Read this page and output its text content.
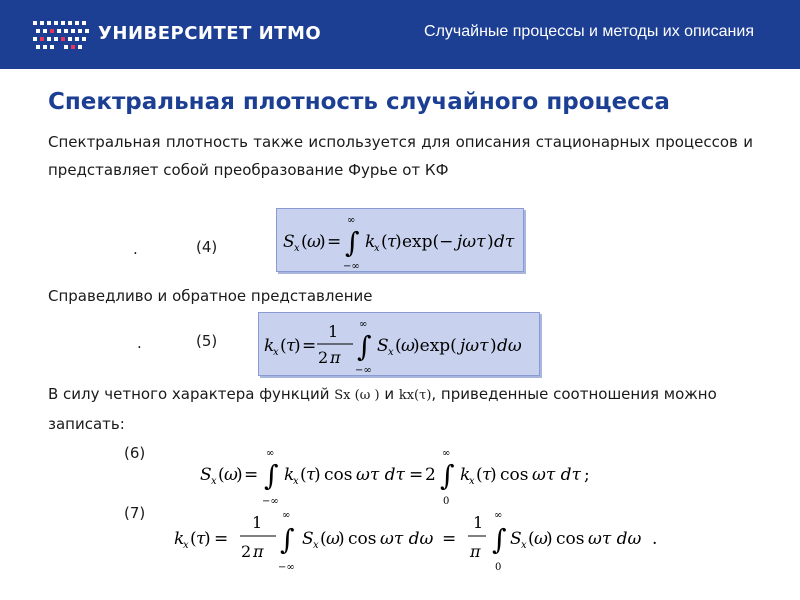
УНИВЕРСИТЕТ ИТМО	Случайные процессы и методы их описания
Спектральная плотность случайного процесса
Спектральная плотность также используется для описания стационарных процессов и представляет собой преобразование Фурье от КФ
.	(4)	S x ( ω
) = ∫
∞
−∞
k
x ( τ
) exp(− jωτ ) dτ
Справедливо и обратное представление
.	(5)	k
x ( τ
) =
1
2 π ∫
∞
−∞
S x ( ω
)exp( jωτ ) dω
В силу четного характера функций Sx (ω ) и kx(τ), приведенные соотношения можно записать:
(6)
S x ( ω
) = ∫
∞
−∞
k
x ( τ
) cos ωτ dτ = 2 ∫
∞
0
k
x ( τ
) cos ωτ dτ ;
(7)
k
x ( τ
) =
1
2 π ∫
∞
−∞
S x ( ω
) cos ωτ dω =
1
π ∫
∞
0
S x ( ω
) cos ωτ dω .
